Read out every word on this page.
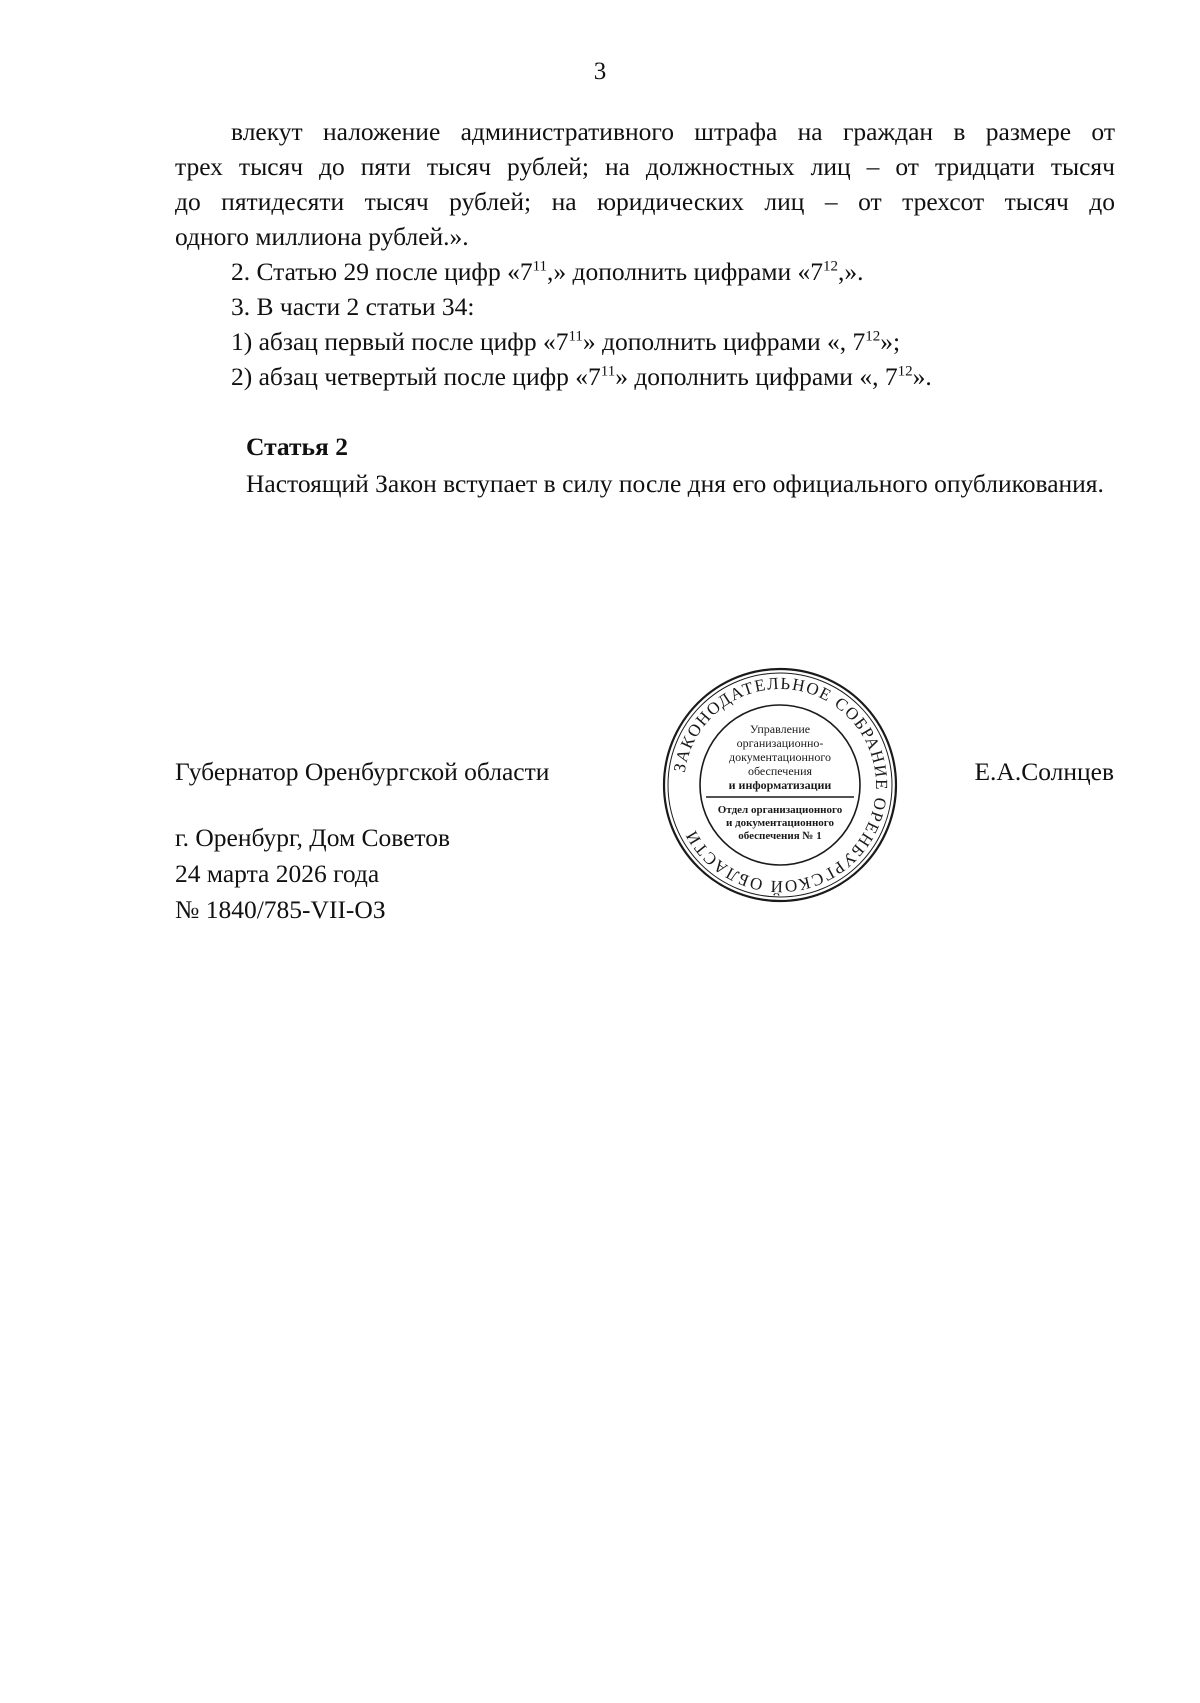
3

влекут наложение административного штрафа на граждан в размере от

трех тысяч до пяти тысяч рублей; на должностных лиц – от тридцати тысяч

до пятидесяти тысяч рублей; на юридических лиц – от трехсот тысяч до

одного миллиона рублей.».

2. Статью 29 после цифр «$7^{11}$,» дополнить цифрами «$7^{12}$,».

3. В части 2 статьи 34:

1) абзац первый после цифр «$7^{11}$» дополнить цифрами «, $7^{12}$»;

2) абзац четвертый после цифр «$7^{11}$» дополнить цифрами «, $7^{12}$».

Статья 2

Настоящий Закон вступает в силу после дня его официального опубликования.

Губернатор Оренбургской области	Е.А.Солнцев

ЗАКОНОДАТЕЛЬНОЕ СОБРАНИЕ ОРЕНБУРГСКОЙ ОБЛАСТИ
Управление
организационно-
документационного
обеспечения
и информатизации
Отдел организационного
и документационного
обеспечения № 1
г. Оренбург, Дом Советов
24 марта 2026 года
№ 1840/785-VII-ОЗ
